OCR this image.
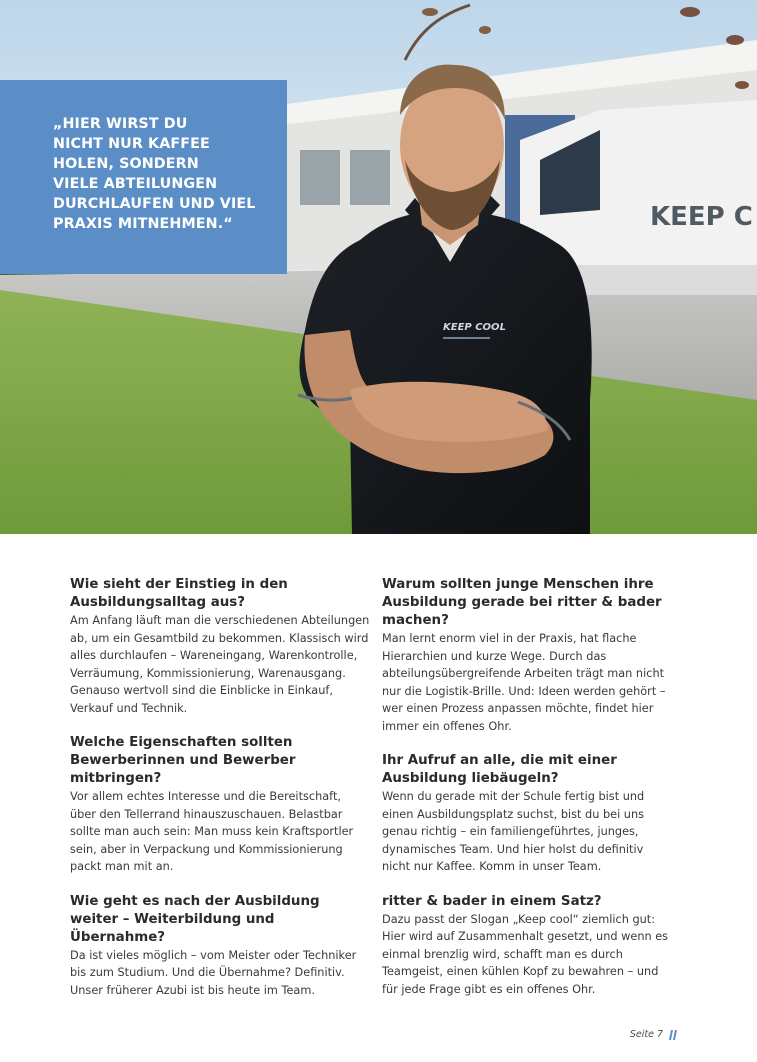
KEEP C
KEEP COOL
„HIER WIRST DU
NICHT NUR KAFFEE
HOLEN, SONDERN
VIELE ABTEILUNGEN
DURCHLAUFEN UND VIEL
PRAXIS MITNEHMEN.“

Wie sieht der Einstieg in den Ausbildungsalltag aus?

Am Anfang läuft man die verschiedenen Abteilungen ab, um ein Gesamtbild zu bekommen. Klassisch wird alles durchlaufen – Wareneingang, Warenkontrolle, Verräumung, Kommissionierung, Warenausgang. Genauso wertvoll sind die Einblicke in Einkauf, Verkauf und Technik.

Welche Eigenschaften sollten Bewerberinnen und Bewerber mitbringen?

Vor allem echtes Interesse und die Bereitschaft, über den Tellerrand hinauszuschauen. Belastbar sollte man auch sein: Man muss kein Kraftsportler sein, aber in Verpackung und Kommissionierung packt man mit an.

Wie geht es nach der Ausbildung weiter – Weiterbildung und Übernahme?

Da ist vieles möglich – vom Meister oder Techniker bis zum Studium. Und die Übernahme? Definitiv. Unser früherer Azubi ist bis heute im Team.

Warum sollten junge Menschen ihre Ausbildung gerade bei ritter & bader machen?

Man lernt enorm viel in der Praxis, hat flache Hierarchien und kurze Wege. Durch das abteilungsübergreifende Arbeiten trägt man nicht nur die Logistik-Brille. Und: Ideen werden gehört – wer einen Prozess anpassen möchte, findet hier immer ein offenes Ohr.

Ihr Aufruf an alle, die mit einer Ausbildung liebäugeln?

Wenn du gerade mit der Schule fertig bist und einen Ausbildungsplatz suchst, bist du bei uns genau richtig – ein familiengeführtes, junges, dynamisches Team. Und hier holst du definitiv nicht nur Kaffee. Komm in unser Team.

ritter & bader in einem Satz?

Dazu passt der Slogan „Keep cool“ ziemlich gut: Hier wird auf Zusammenhalt gesetzt, und wenn es einmal brenzlig wird, schafft man es durch Teamgeist, einen kühlen Kopf zu bewahren – und für jede Frage gibt es ein offenes Ohr.

Seite 7
